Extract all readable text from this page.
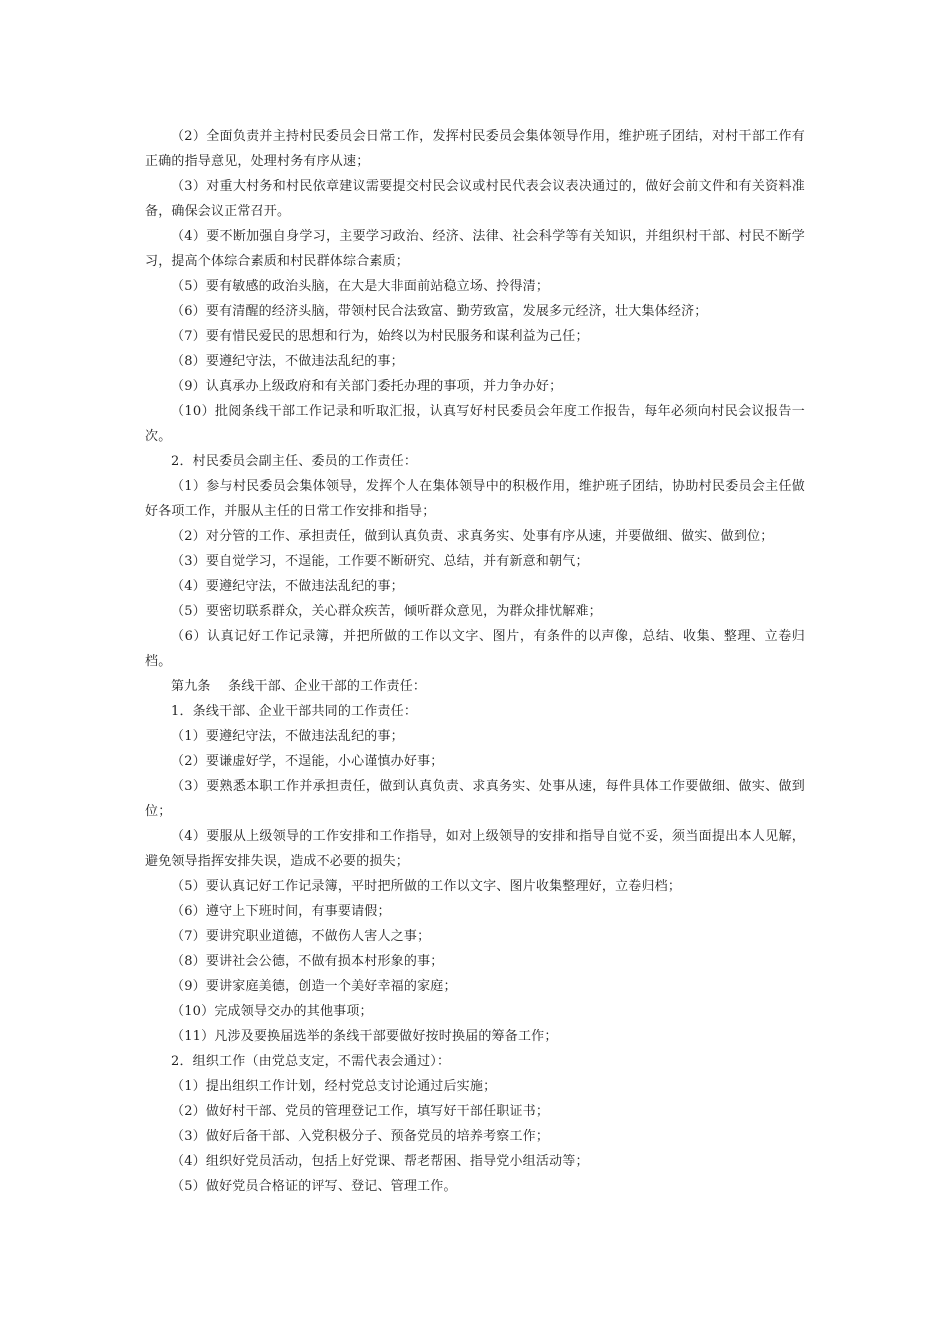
（2）全面负责并主持村民委员会日常工作，发挥村民委员会集体领导作用，维护班子团结，对村干部工作有正确的指导意见，处理村务有序从速；

（3）对重大村务和村民依章建议需要提交村民会议或村民代表会议表决通过的，做好会前文件和有关资料准备，确保会议正常召开。

（4）要不断加强自身学习，主要学习政治、经济、法律、社会科学等有关知识，并组织村干部、村民不断学习，提高个体综合素质和村民群体综合素质；

（5）要有敏感的政治头脑，在大是大非面前站稳立场、拎得清；

（6）要有清醒的经济头脑，带领村民合法致富、勤劳致富，发展多元经济，壮大集体经济；

（7）要有惜民爱民的思想和行为，始终以为村民服务和谋利益为己任；

（8）要遵纪守法，不做违法乱纪的事；

（9）认真承办上级政府和有关部门委托办理的事项，并力争办好；

（10）批阅条线干部工作记录和听取汇报，认真写好村民委员会年度工作报告，每年必须向村民会议报告一次。

2．村民委员会副主任、委员的工作责任：

（1）参与村民委员会集体领导，发挥个人在集体领导中的积极作用，维护班子团结，协助村民委员会主任做好各项工作，并服从主任的日常工作安排和指导；

（2）对分管的工作、承担责任，做到认真负责、求真务实、处事有序从速，并要做细、做实、做到位；

（3）要自觉学习，不逞能，工作要不断研究、总结，并有新意和朝气；

（4）要遵纪守法，不做违法乱纪的事；

（5）要密切联系群众，关心群众疾苦，倾听群众意见，为群众排忧解难；

（6）认真记好工作记录簿，并把所做的工作以文字、图片，有条件的以声像，总结、收集、整理、立卷归档。

第九条　 条线干部、企业干部的工作责任：

1．条线干部、企业干部共同的工作责任：

（1）要遵纪守法，不做违法乱纪的事；

（2）要谦虚好学，不逞能，小心谨慎办好事；

（3）要熟悉本职工作并承担责任，做到认真负责、求真务实、处事从速，每件具体工作要做细、做实、做到位；

（4）要服从上级领导的工作安排和工作指导，如对上级领导的安排和指导自觉不妥，须当面提出本人见解，避免领导指挥安排失误，造成不必要的损失；

（5）要认真记好工作记录簿，平时把所做的工作以文字、图片收集整理好，立卷归档；

（6）遵守上下班时间，有事要请假；

（7）要讲究职业道德，不做伤人害人之事；

（8）要讲社会公德，不做有损本村形象的事；

（9）要讲家庭美德，创造一个美好幸福的家庭；

（10）完成领导交办的其他事项；

（11）凡涉及要换届选举的条线干部要做好按时换届的筹备工作；

2．组织工作（由党总支定，不需代表会通过）：

（1）提出组织工作计划，经村党总支讨论通过后实施；

（2）做好村干部、党员的管理登记工作，填写好干部任职证书；

（3）做好后备干部、入党积极分子、预备党员的培养考察工作；

（4）组织好党员活动，包括上好党课、帮老帮困、指导党小组活动等；

（5）做好党员合格证的评写、登记、管理工作。
